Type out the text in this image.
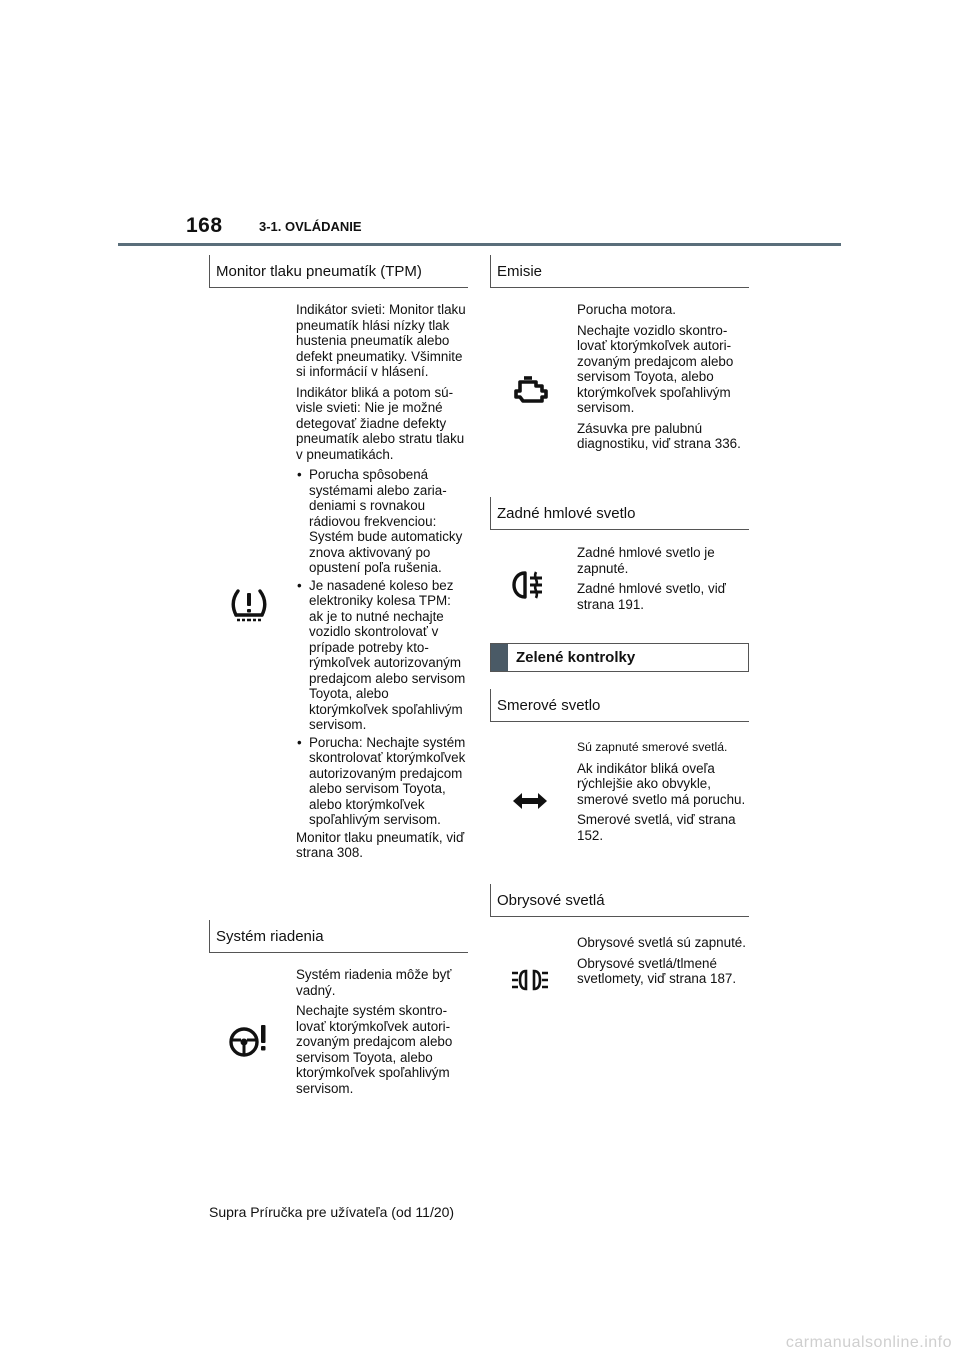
168	3-1. OVLÁDANIE
Monitor tlaku pneumatík (TPM)

Indikátor svieti: Monitor tlaku pneumatík hlási nízky tlak hustenia pneumatík alebo defekt pneumatiky. Všimnite si informácií v hlásení.

Indikátor bliká a potom súvisle svieti: Nie je možné detegovať žiadne defekty pneumatík alebo stratu tlaku v pneumatikách.

• Porucha spôsobená systémami alebo zariadeniami s rovnakou rádiovou frekvenciou: Systém bude automaticky znova aktivovaný po opustení poľa rušenia.
• Je nasadené koleso bez elektroniky kolesa TPM: ak je to nutné nechajte vozidlo skontrolovať v prípade potreby ktorýmkoľvek autorizovaným predajcom alebo servisom Toyota, alebo ktorýmkoľvek spoľahlivým servisom.
• Porucha: Nechajte systém skontrolovať ktorýmkoľvek autorizovaným predajcom alebo servisom Toyota, alebo ktorýmkoľvek spoľahlivým servisom.

Monitor tlaku pneumatík, viď strana 308.

Systém riadenia

Systém riadenia môže byť vadný.

Nechajte systém skontrolovať ktorýmkoľvek autorizovaným predajcom alebo servisom Toyota, alebo ktorýmkoľvek spoľahlivým servisom.

Emisie

Porucha motora.

Nechajte vozidlo skontrolovať ktorýmkoľvek autorizovaným predajcom alebo servisom Toyota, alebo ktorýmkoľvek spoľahlivým servisom.

Zásuvka pre palubnú diagnostiku, viď strana 336.

Zadné hmlové svetlo

Zadné hmlové svetlo je zapnuté.

Zadné hmlové svetlo, viď strana 191.

Zelené kontrolky
Smerové svetlo

Sú zapnuté smerové svetlá.

Ak indikátor bliká oveľa rýchlejšie ako obvykle, smerové svetlo má poruchu.

Smerové svetlá, viď strana 152.

Obrysové svetlá

Obrysové svetlá sú zapnuté.

Obrysové svetlá/tlmené svetlomety, viď strana 187.

Supra Príručka pre užívateľa (od 11/20)
carmanualsonline.info
